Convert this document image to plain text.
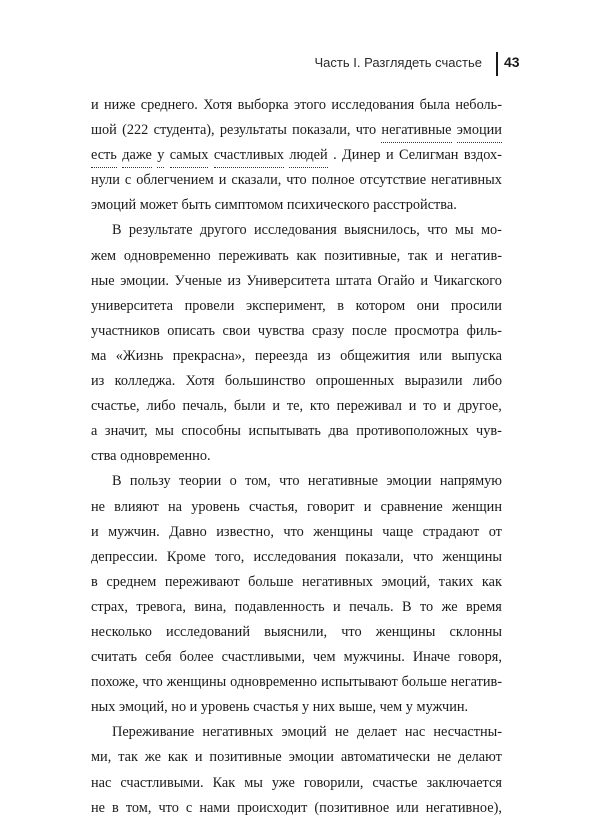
Часть I. Разглядеть счастье 43
и ниже среднего. Хотя выборка этого исследования была неболь-
шой (222 студента), результаты показали, что негативные эмоции
есть даже у самых счастливых людей . Динер и Селигман вздох-
нули с облегчением и сказали, что полное отсутствие негативных
эмоций может быть симптомом психического расстройства.
В результате другого исследования выяснилось, что мы мо-
жем одновременно переживать как позитивные, так и негатив-
ные эмоции. Ученые из Университета штата Огайо и Чикагского
университета провели эксперимент, в котором они просили
участников описать свои чувства сразу после просмотра филь-
ма «Жизнь прекрасна», переезда из общежития или выпуска
из колледжа. Хотя большинство опрошенных выразили либо
счастье, либо печаль, были и те, кто переживал и то и другое,
а значит, мы способны испытывать два противоположных чув-
ства одновременно.
В пользу теории о том, что негативные эмоции напрямую
не влияют на уровень счастья, говорит и сравнение женщин
и мужчин. Давно известно, что женщины чаще страдают от
депрессии. Кроме того, исследования показали, что женщины
в среднем переживают больше негативных эмоций, таких как
страх, тревога, вина, подавленность и печаль. В то же время
несколько исследований выяснили, что женщины склонны
считать себя более счастливыми, чем мужчины. Иначе говоря,
похоже, что женщины одновременно испытывают больше негатив-
ных эмоций, но и уровень счастья у них выше, чем у мужчин.
Переживание негативных эмоций не делает нас несчастны-
ми, так же как и позитивные эмоции автоматически не делают
нас счастливыми. Как мы уже говорили, счастье заключается
не в том, что с нами происходит (позитивное или негативное),
